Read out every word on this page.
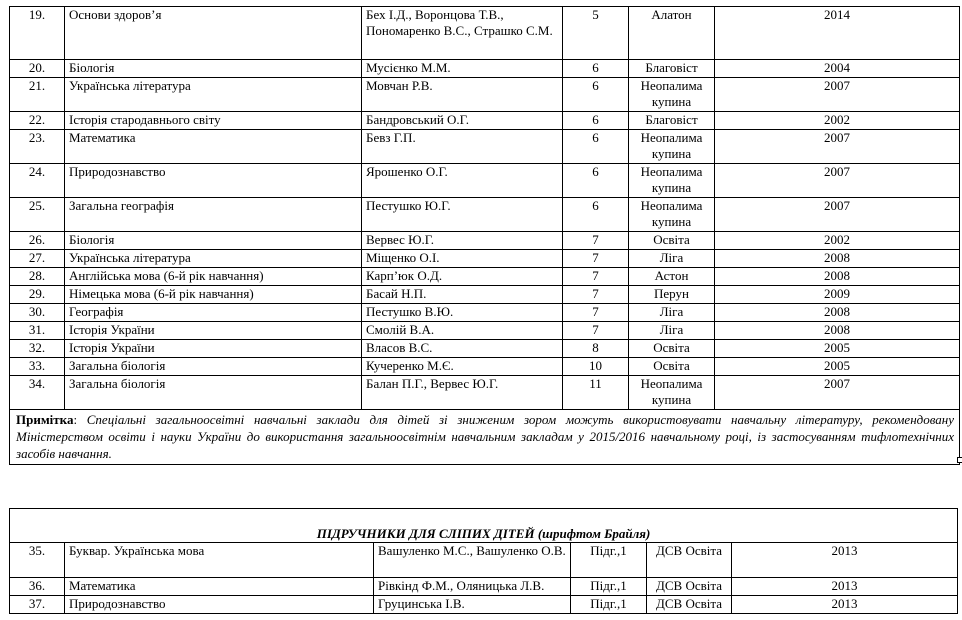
19.	Основи здоров’я	Бех І.Д., Воронцова Т.В., Пономаренко В.С., Страшко С.М.	5	Алатон	2014
20.	Біологія	Мусієнко М.М.	6	Благовіст	2004
21.	Українська література	Мовчан Р.В.	6	Неопалима купина	2007
22.	Історія стародавнього світу	Бандровський О.Г.	6	Благовіст	2002
23.	Математика	Бевз Г.П.	6	Неопалима купина	2007
24.	Природознавство	Ярошенко О.Г.	6	Неопалима купина	2007
25.	Загальна географія	Пестушко Ю.Г.	6	Неопалима купина	2007
26.	Біологія	Вервес Ю.Г.	7	Освіта	2002
27.	Українська література	Міщенко О.І.	7	Ліга	2008
28.	Англійська мова (6-й рік навчання)	Карп’юк О.Д.	7	Астон	2008
29.	Німецька мова (6-й рік навчання)	Басай Н.П.	7	Перун	2009
30.	Географія	Пестушко В.Ю.	7	Ліга	2008
31.	Історія України	Смолій В.А.	7	Ліга	2008
32.	Історія України	Власов В.С.	8	Освіта	2005
33.	Загальна біологія	Кучеренко М.Є.	10	Освіта	2005
34.	Загальна біологія	Балан П.Г., Вервес Ю.Г.	11	Неопалима купина	2007
Примітка: Спеціальні загальноосвітні навчальні заклади для дітей зі зниженим зором можуть використовувати навчальну літературу, рекомендовану Міністерством освіти і науки України до використання загальноосвітнім навчальним закладам у 2015/2016 навчальному році, із застосуванням тифлотехнічних засобів навчання.					
ПІДРУЧНИКИ ДЛЯ СЛІПИХ ДІТЕЙ (шрифтом Брайля)					

35.	Буквар. Українська мова	Вашуленко М.С., Вашуленко О.В.	Підг.,1	ДСВ Освіта	2013
36.	Математика	Рівкінд Ф.М., Оляницька Л.В.	Підг.,1	ДСВ Освіта	2013
37.	Природознавство	Груцинська І.В.	Підг.,1	ДСВ Освіта	2013
